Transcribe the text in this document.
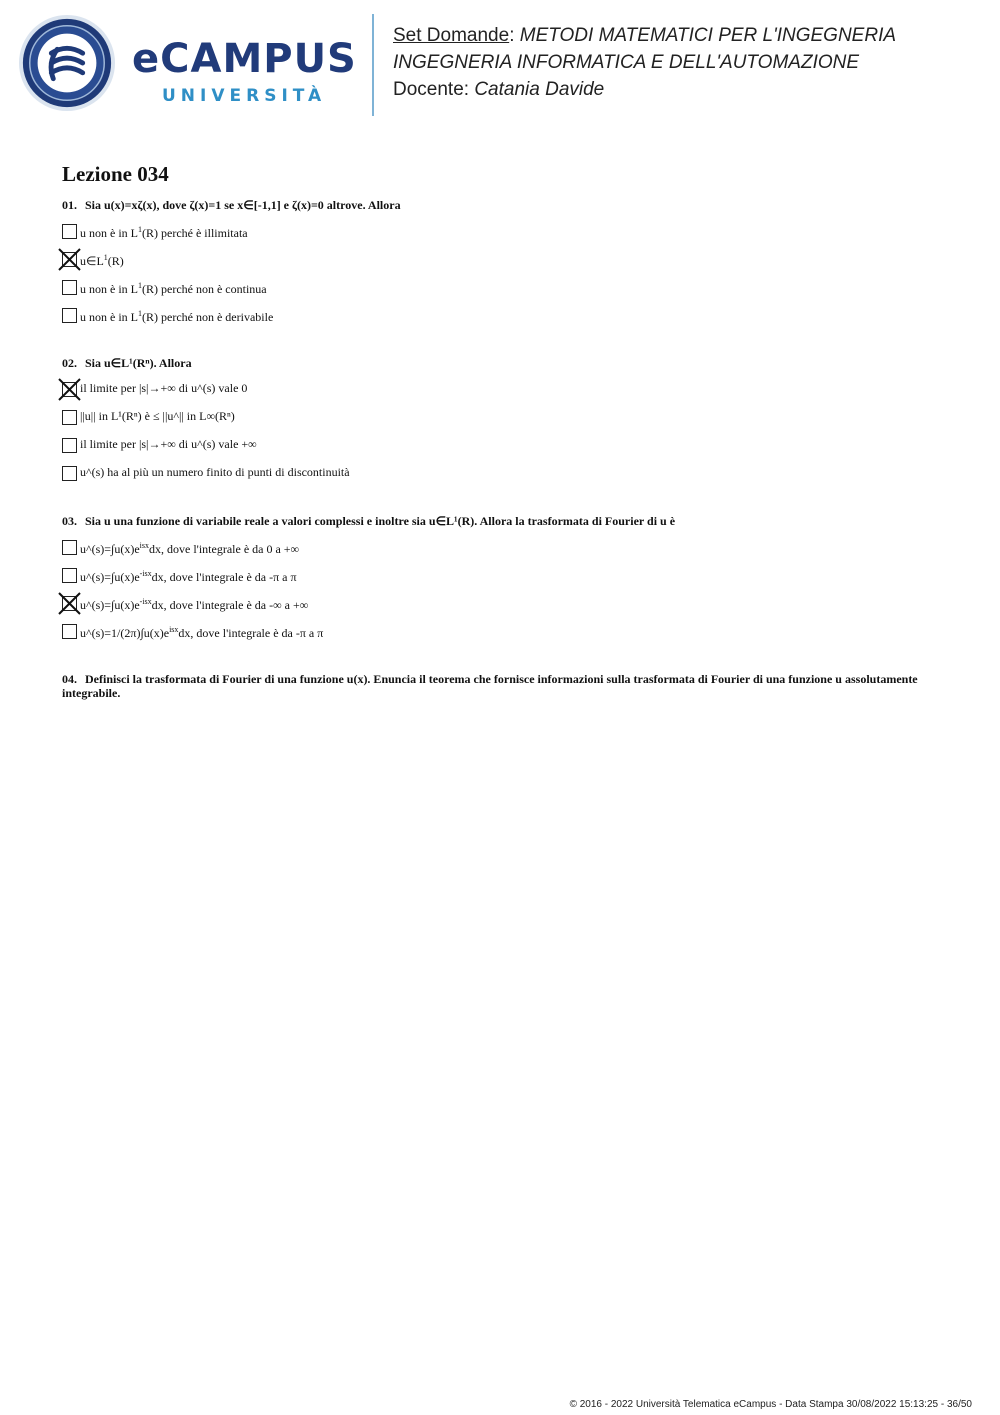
eCAMPUS
UNIVERSITÀ
Set Domande: METODI MATEMATICI PER L'INGEGNERIA
INGEGNERIA INFORMATICA E DELL'AUTOMAZIONE
Docente: Catania Davide
Lezione 034
01. Sia u(x)=xζ(x), dove ζ(x)=1 se x∈[-1,1] e ζ(x)=0 altrove. Allora
u non è in $L^1(R)$ perché è illimitata
$u\in L^1(R)$
u non è in $L^1(R)$ perché non è continua
u non è in $L^1(R)$ perché non è derivabile
02. Sia u∈L¹(Rⁿ). Allora
il limite per |s|→+∞ di u^(s) vale 0
||u|| in L¹(Rⁿ) è ≤ ||u^|| in L∞(Rⁿ)
il limite per |s|→+∞ di u^(s) vale +∞
u^(s) ha al più un numero finito di punti di discontinuità
03. Sia u una funzione di variabile reale a valori complessi e inoltre sia u∈L¹(R). Allora la trasformata di Fourier di u è
$u\^{}(s)=\int u(x)e^{isx}dx$, dove l'integrale è da 0 a +∞
$u\^{}(s)=\int u(x)e^{-isx}dx$, dove l'integrale è da -π a π
$u\^{}(s)=\int u(x)e^{-isx}dx$, dove l'integrale è da -∞ a +∞
$u\^{}(s)=1/(2\pi)\int u(x)e^{isx}dx$, dove l'integrale è da -π a π
04. Definisci la trasformata di Fourier di una funzione u(x). Enuncia il teorema che fornisce informazioni sulla trasformata di Fourier di una funzione u assolutamente integrabile.
© 2016 - 2022 Università Telematica eCampus - Data Stampa 30/08/2022 15:13:25 - 36/50
